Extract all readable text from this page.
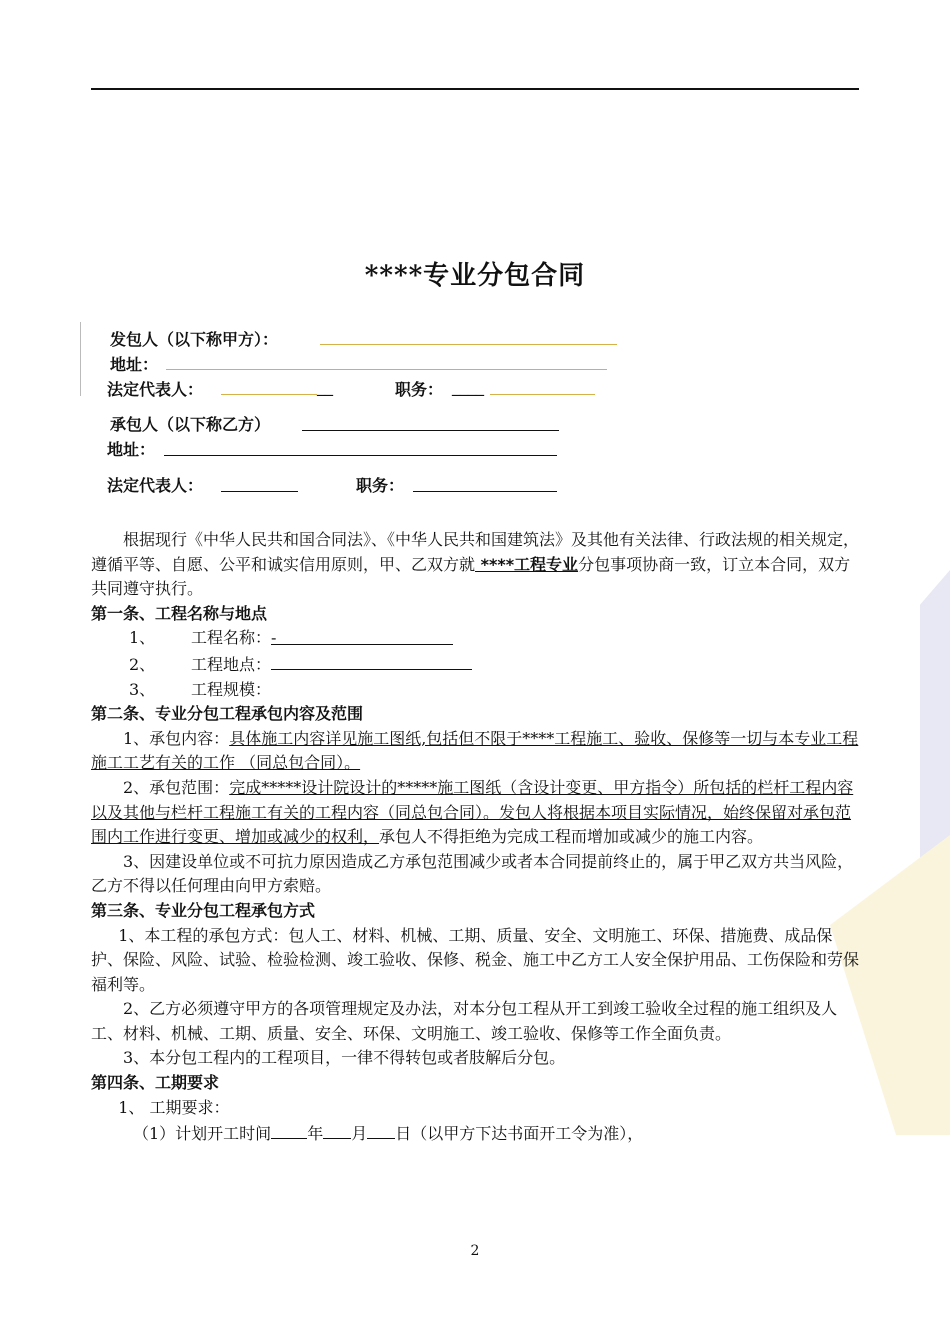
****专业分包合同
发包人（以下称甲方）：
地址：
法定代表人：	__	职务： ____
承包人（以下称乙方）
地址：
法定代表人：	职务：

根据现行《中华人民共和国合同法》、《中华人民共和国建筑法》及其他有关法律、行政法规的相关规定，遵循平等、自愿、公平和诚实信用原则，甲、乙双方就 ****工程专业分包事项协商一致，订立本合同，双方共同遵守执行。

第一条、工程名称与地点

1、 工程名称：-

2、 工程地点：

3、 工程规模：

第二条、专业分包工程承包内容及范围

1、承包内容：具体施工内容详见施工图纸,包括但不限于****工程施工、验收、保修等一切与本专业工程施工工艺有关的工作 （同总包合同）。

2、承包范围：完成*****设计院设计的*****施工图纸（含设计变更、甲方指令）所包括的栏杆工程内容以及其他与栏杆工程施工有关的工程内容（同总包合同）。发包人将根据本项目实际情况，始终保留对承包范围内工作进行变更、增加或减少的权利，承包人不得拒绝为完成工程而增加或减少的施工内容。

3、因建设单位或不可抗力原因造成乙方承包范围减少或者本合同提前终止的，属于甲乙双方共当风险，乙方不得以任何理由向甲方索赔。

第三条、专业分包工程承包方式

1、本工程的承包方式：包人工、材料、机械、工期、质量、安全、文明施工、环保、措施费、成品保护、保险、风险、试验、检验检测、竣工验收、保修、税金、施工中乙方工人安全保护用品、工伤保险和劳保福利等。

2、乙方必须遵守甲方的各项管理规定及办法，对本分包工程从开工到竣工验收全过程的施工组织及人工、材料、机械、工期、质量、安全、环保、文明施工、竣工验收、保修等工作全面负责。

3、本分包工程内的工程项目，一律不得转包或者肢解后分包。

第四条、工期要求

1、 工期要求：

（1）计划开工时间 年 月 日（以甲方下达书面开工令为准），

2
